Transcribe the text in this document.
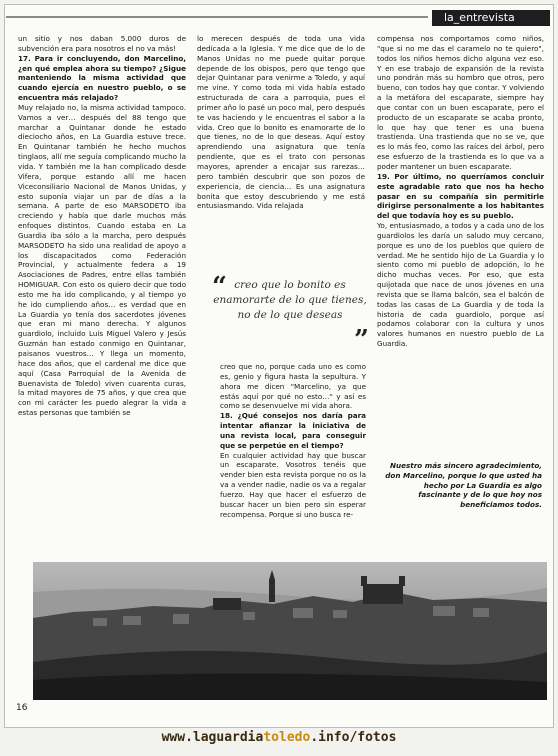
la_entrevista

un sitio y nos daban 5.000 duros de subvención era para nosotros el no va más!

17. Para ir concluyendo, don Marcelino, ¿en qué emplea ahora su tiempo? ¿Sigue manteniendo la misma actividad que cuando ejercía en nuestro pueblo, o se encuentra más relajado?

Muy relajado no, la misma actividad tampoco. Vamos a ver… después del 88 tengo que marchar a Quintanar donde he estado dieciocho años, en La Guardia estuve trece. En Quintanar también he hecho muchos tinglaos, allí me seguía complicando mucho la vida. Y también me la han complicado desde Vifera, porque estando allí me hacen Viceconsiliario Nacional de Manos Unidas, y esto suponía viajar un par de días a la semana. A parte de eso MARSODETO iba creciendo y había que darle muchos más enfoques distintos. Cuando estaba en La Guardia iba sólo a la marcha, pero después MARSODETO ha sido una realidad de apoyo a los discapacitados como Federación Provincial, y actualmente federa a 19 Asociaciones de Padres, entre ellas también HOMIGUAR. Con esto os quiero decir que todo esto me ha ido complicando, y al tiempo yo he ido cumpliendo años… es verdad que en La Guardia yo tenía dos sacerdotes jóvenes que eran mi mano derecha. Y algunos guardiolo, incluido Luis Miguel Valero y Jesús Guzmán han estado conmigo en Quintanar, paisanos vuestros… Y llega un momento, hace dos años, que el cardenal me dice que aquí (Casa Parroquial de la Avenida de Buenavista de Toledo) viven cuarenta curas, la mitad mayores de 75 años, y que crea que con mi carácter les puedo alegrar la vida a estas personas que también se

lo merecen después de toda una vida dedicada a la Iglesia. Y me dice que de lo de Manos Unidas no me puede quitar porque depende de los obispos, pero que tengo que dejar Quintanar para venirme a Toledo, y aquí me vine. Y como toda mi vida había estado estructurada de cara a parroquia, pues el primer año lo pasé un poco mal, pero después te vas haciendo y le encuentras el sabor a la vida. Creo que lo bonito es enamorarte de lo que tienes, no de lo que deseas. Aquí estoy aprendiendo una asignatura que tenía pendiente, que es el trato con personas mayores, aprender a encajar sus rarezas… pero también descubrir que son pozos de experiencia, de ciencia… Es una asignatura bonita que estoy descubriendo y me está entusiasmando. Vida relajada

“ creo que lo bonito es enamorarte de lo que tienes, no de lo que deseas
”

creo que no, porque cada uno es como es, genio y figura hasta la sepultura. Y ahora me dicen "Marcelino, ya que estás aquí por qué no esto…" y así es como se desenvuelve mi vida ahora.

18. ¿Qué consejos nos daría para intentar afianzar la iniciativa de una revista local, para conseguir que se perpetúe en el tiempo?

En cualquier actividad hay que buscar un escaparate. Vosotros tenéis que vender bien esta revista porque no os la va a vender nadie, nadie os va a regalar fuerzo. Hay que hacer el esfuerzo de buscar hacer un bien pero sin esperar recompensa. Porque si uno busca re-

compensa nos comportamos como niños, "que si no me das el caramelo no te quiero", todos los niños hemos dicho alguna vez eso. Y en ese trabajo de expansión de la revista uno pondrán más su hombro que otros, pero bueno, con todos hay que contar. Y volviendo a la metáfora del escaparate, siempre hay que contar con un buen escaparate, pero el producto de un escaparate se acaba pronto, lo que hay que tener es una buena trastienda. Una trastienda que no se ve, que es lo más feo, como las raíces del árbol, pero ese esfuerzo de la trastienda es lo que va a poder mantener un buen escaparate.

19. Por último, no querríamos concluir este agradable rato que nos ha hecho pasar en su compañía sin permitirle dirigirse personalmente a los habitantes del que todavía hoy es su pueblo.

Yo, entusiasmado, a todos y a cada uno de los guardiolos les daría un saludo muy cercano, porque es uno de los pueblos que quiero de verdad. Me he sentido hijo de La Guardia y lo siento como mi pueblo de adopción, lo he dicho muchas veces. Por eso, que esta quijotada que nace de unos jóvenes en una revista que se llama balcón, sea el balcón de todas las casas de La Guardia y de toda la historia de cada guardiolo, porque así podamos colaborar con la cultura y unos valores humanos en nuestro pueblo de La Guardia.

Nuestro más sincero agradecimiento, don Marcelino, porque lo que usted ha hecho por La Guardia es algo fascinante y de lo que hoy nos beneficiamos todos.
16
www.laguardiatoledo.info/fotos
